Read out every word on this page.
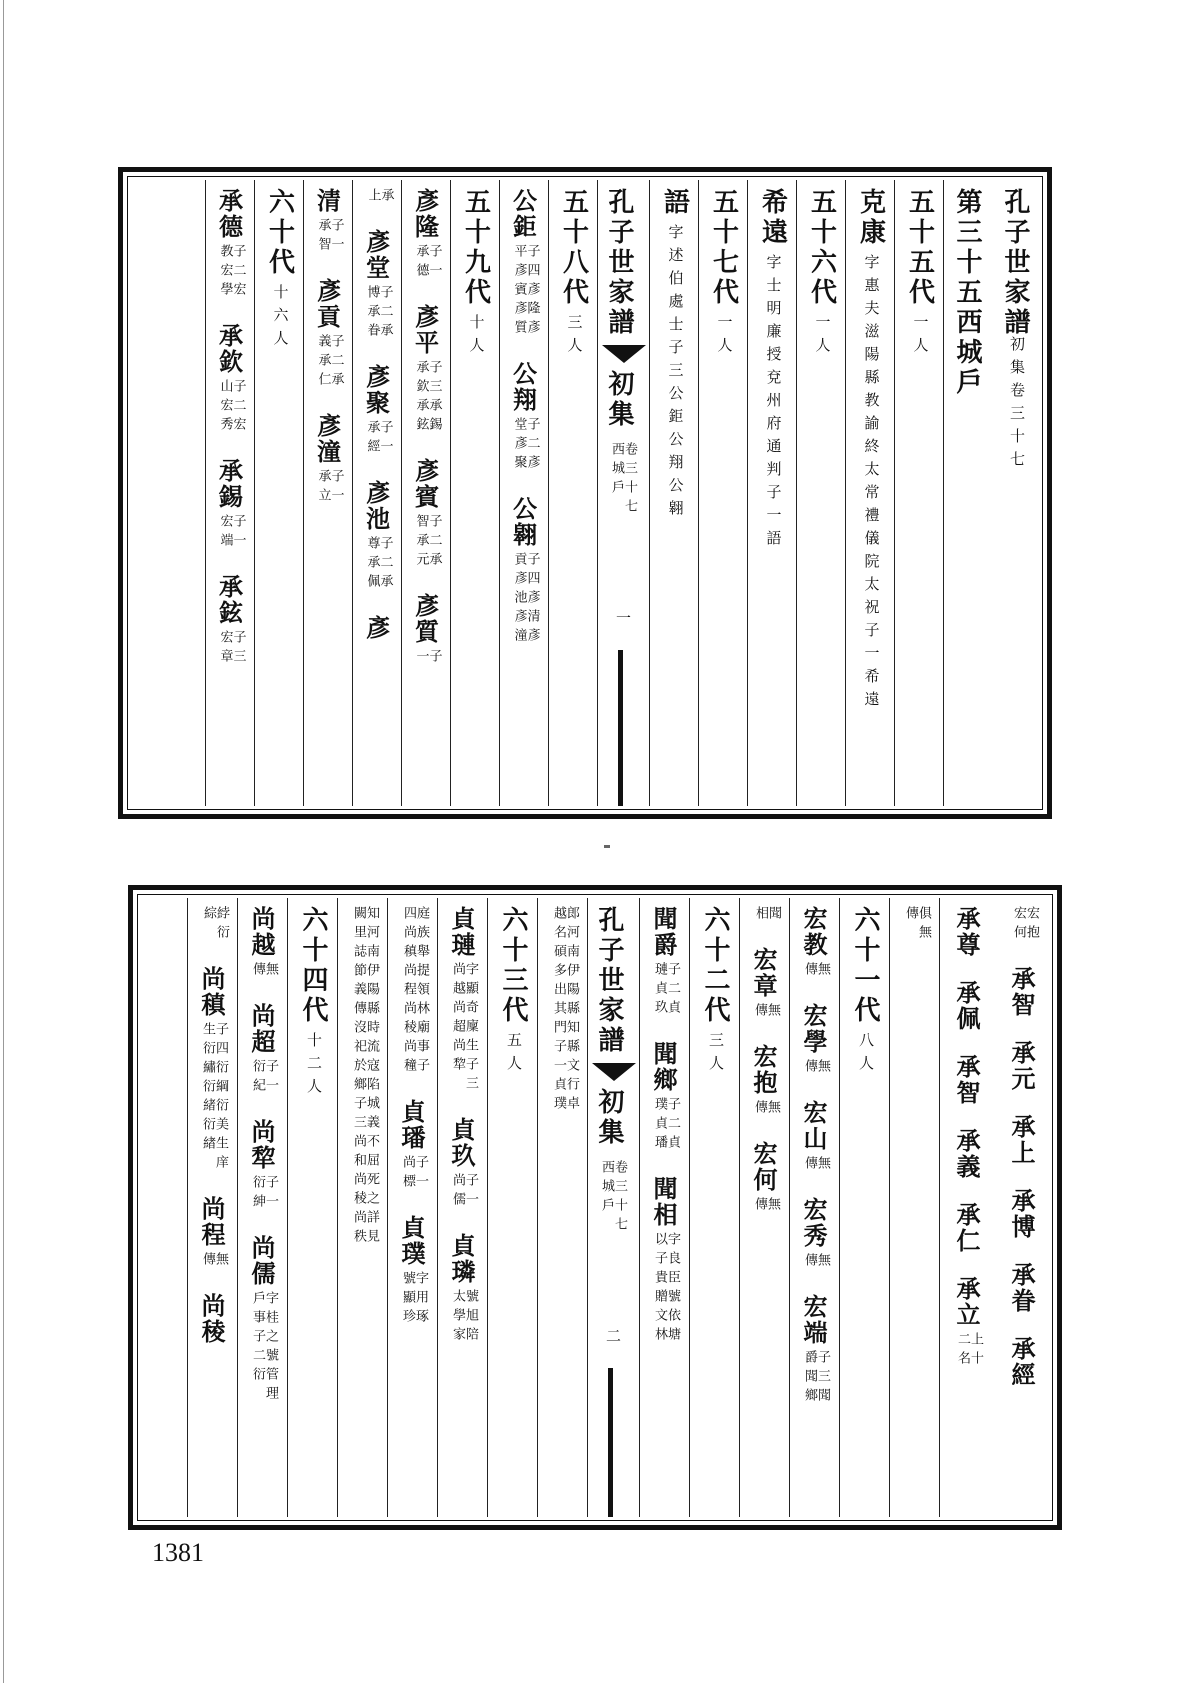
孔子世家譜
初集卷三十七
第三十五西城戶
五十五代
一人
克康
字惠夫滋陽縣教諭終太常禮儀院太祝子一希遠
五十六代
一人
希遠
字士明廉授兗州府通判子一語
五十七代
一人
語
字述伯處士子三公鉅公翔公翱
孔子世家譜
初集
卷三十七 西城戶
一
五十八代
三人
公鉅
子四彥隆彥平彥賓彥質
公翔
子二彥堂彥聚
公翱
子四彥清彥貢彥池彥潼
五十九代
十人
彥隆
子一承德
彥平
子三承錫承欽承鉉
彥賓
子二承智承元
彥質
子一
承上
彥堂
子二承博承眷
彥聚
子一承經
彥池
子二承尊承佩
彥
清
子一承智
彥貢
子二承義承仁
彥潼
子一承立
六十代
十六人
承德
子二宏教宏學
承欽
子二宏山宏秀
承錫
子一宏端
承鉉
子三宏章
宏抱宏何
承智
承元
承上
承博
承眷
承經
承尊
承佩
承智
承義
承仁
承立
上十二名
俱無傳
六十一代
八人
宏教
無傳
宏學
無傳
宏山
無傳
宏秀
無傳
宏端
子三聞爵聞鄉
聞相
宏章
無傳
宏抱
無傳
宏何
無傳
六十二代
三人
聞爵
子二貞璉貞玖
聞鄉
子二貞璞貞璠
聞相
字良臣號依塘以子貴贈文林
孔子世家譜
初集
卷三十七 西城戶
二
郎河南伊陽縣知縣文行卓越名碩多出其門子一貞璞
六十三代
五人
貞璉
字顯奇廩生子三尚越尚超尚犂
貞玖
子一尚儒
貞璘
號旭陪太學家
庭族舉提領林廟事子四尚稹尚程尚稜尚穜
貞璠
子一尚標
貞璞
字用琢號顯珍
知河南伊陽縣時流寇陷城義不屈死之詳見闕里誌節義傳沒祀於鄉子三尚和尚稜尚秩
六十四代
十二人
尚越
無傳
尚超
子一衍紀
尚犂
子一衍紳
尚儒
字桂之號管理戶事子二衍
綍衍綜
尚稹
子四衍綱衍美生庠生衍繡衍緒衍緖
尚程
無傳
尚稜
1381
